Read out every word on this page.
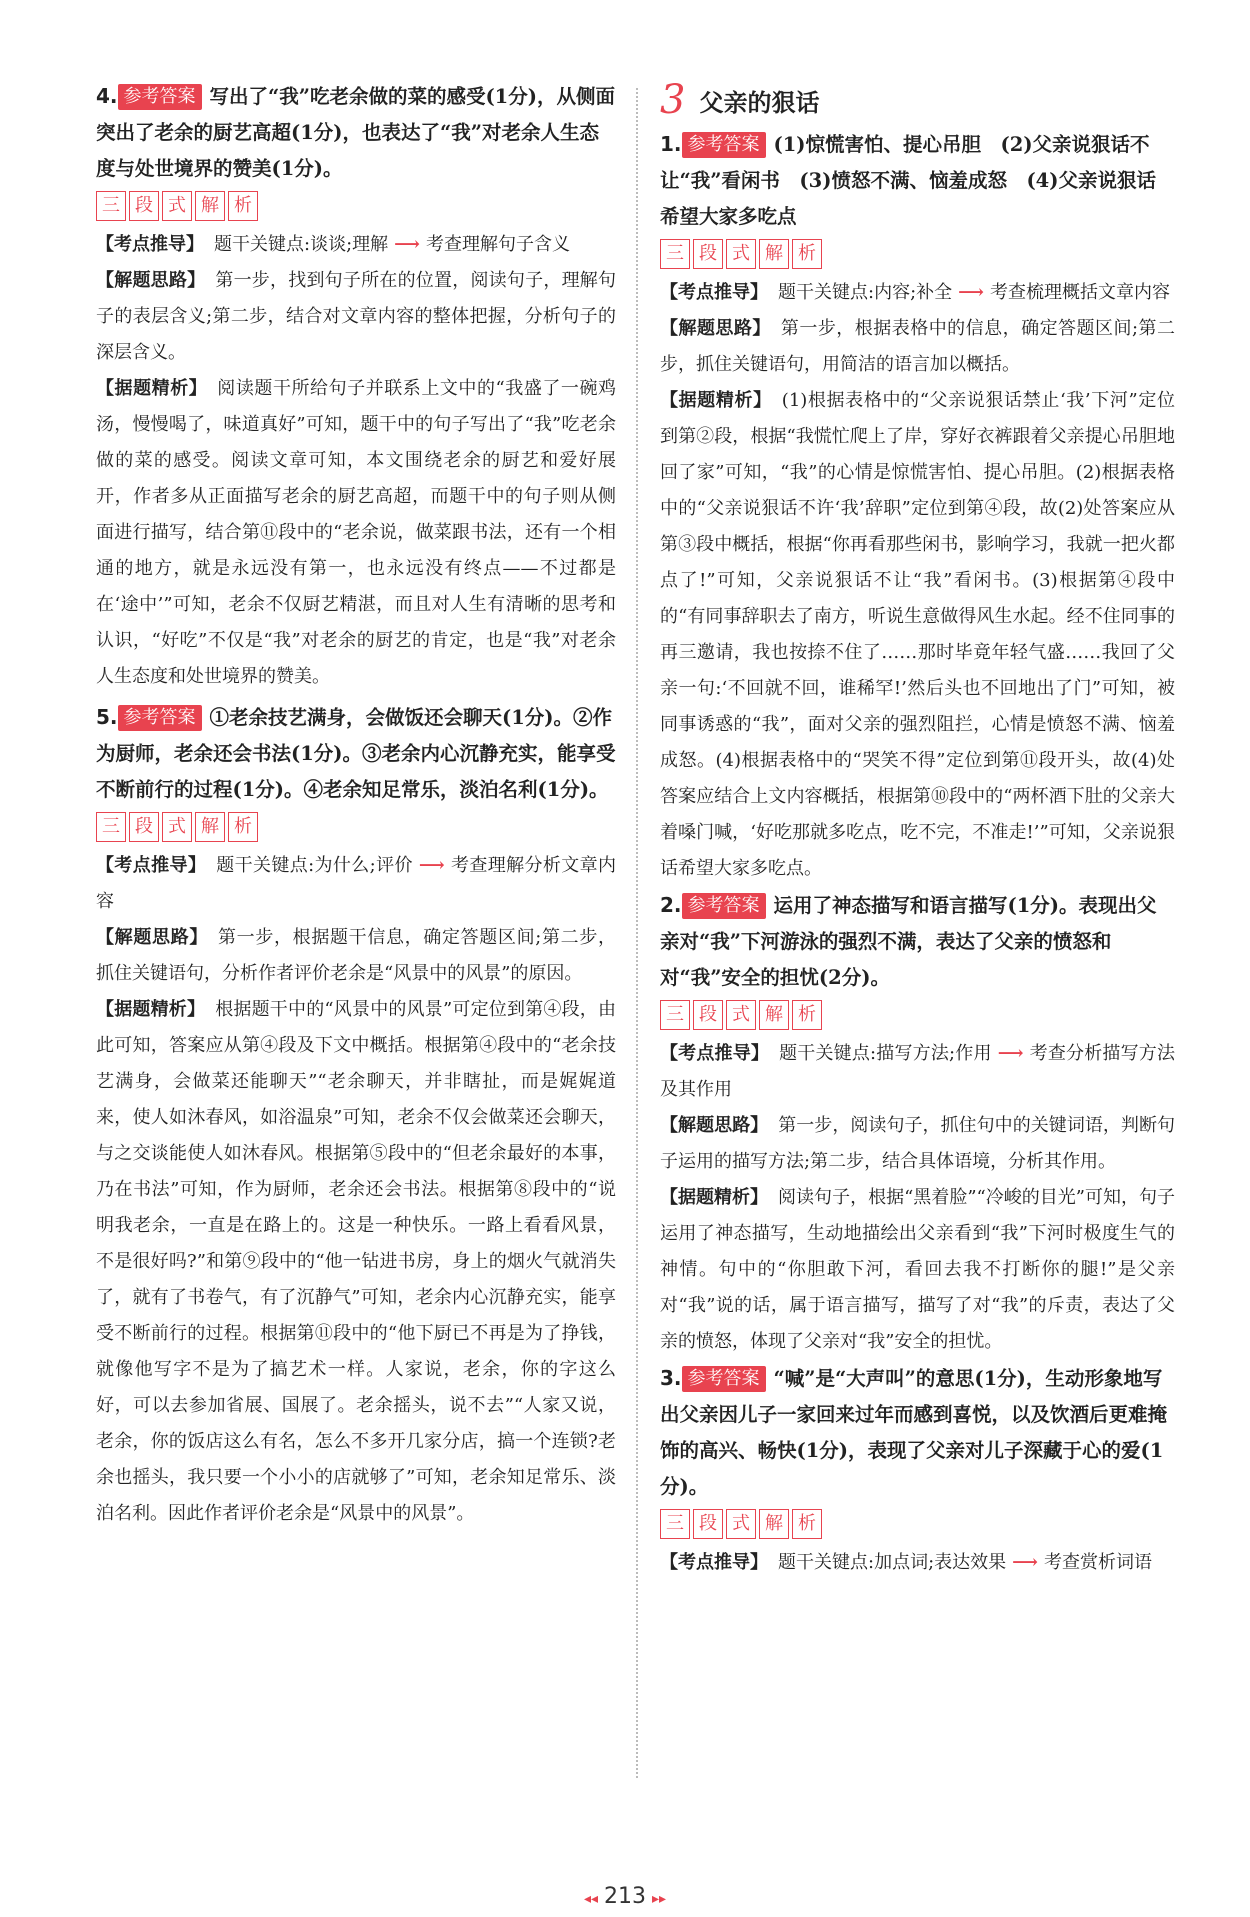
4. 参考答案 写出了“我”吃老余做的菜的感受(1分)，从侧面突出了老余的厨艺高超(1分)，也表达了“我”对老余人生态度与处世境界的赞美(1分)。

三 段 式 解 析

【考点推导】 题干关键点:谈谈;理解 ⟶ 考查理解句子含义

【解题思路】 第一步，找到句子所在的位置，阅读句子，理解句子的表层含义;第二步，结合对文章内容的整体把握，分析句子的深层含义。

【据题精析】 阅读题干所给句子并联系上文中的“我盛了一碗鸡汤，慢慢喝了，味道真好”可知，题干中的句子写出了“我”吃老余做的菜的感受。阅读文章可知，本文围绕老余的厨艺和爱好展开，作者多从正面描写老余的厨艺高超，而题干中的句子则从侧面进行描写，结合第⑪段中的“老余说，做菜跟书法，还有一个相通的地方，就是永远没有第一，也永远没有终点——不过都是在‘途中’”可知，老余不仅厨艺精湛，而且对人生有清晰的思考和认识，“好吃”不仅是“我”对老余的厨艺的肯定，也是“我”对老余人生态度和处世境界的赞美。

5. 参考答案 ①老余技艺满身，会做饭还会聊天(1分)。②作为厨师，老余还会书法(1分)。③老余内心沉静充实，能享受不断前行的过程(1分)。④老余知足常乐，淡泊名利(1分)。

三 段 式 解 析

【考点推导】 题干关键点:为什么;评价 ⟶ 考查理解分析文章内容

【解题思路】 第一步，根据题干信息，确定答题区间;第二步，抓住关键语句，分析作者评价老余是“风景中的风景”的原因。

【据题精析】 根据题干中的“风景中的风景”可定位到第④段，由此可知，答案应从第④段及下文中概括。根据第④段中的“老余技艺满身，会做菜还能聊天”“老余聊天，并非瞎扯，而是娓娓道来，使人如沐春风，如浴温泉”可知，老余不仅会做菜还会聊天，与之交谈能使人如沐春风。根据第⑤段中的“但老余最好的本事，乃在书法”可知，作为厨师，老余还会书法。根据第⑧段中的“说明我老余，一直是在路上的。这是一种快乐。一路上看看风景，不是很好吗?”和第⑨段中的“他一钻进书房，身上的烟火气就消失了，就有了书卷气，有了沉静气”可知，老余内心沉静充实，能享受不断前行的过程。根据第⑪段中的“他下厨已不再是为了挣钱，就像他写字不是为了搞艺术一样。人家说，老余，你的字这么好，可以去参加省展、国展了。老余摇头，说不去”“人家又说，老余，你的饭店这么有名，怎么不多开几家分店，搞一个连锁?老余也摇头，我只要一个小小的店就够了”可知，老余知足常乐、淡泊名利。因此作者评价老余是“风景中的风景”。

3 父亲的狠话

1. 参考答案 (1)惊慌害怕、提心吊胆　(2)父亲说狠话不让“我”看闲书　(3)愤怒不满、恼羞成怒　(4)父亲说狠话希望大家多吃点

三 段 式 解 析

【考点推导】 题干关键点:内容;补全 ⟶ 考查梳理概括文章内容

【解题思路】 第一步，根据表格中的信息，确定答题区间;第二步，抓住关键语句，用简洁的语言加以概括。

【据题精析】 (1)根据表格中的“父亲说狠话禁止‘我’下河”定位到第②段，根据“我慌忙爬上了岸，穿好衣裤跟着父亲提心吊胆地回了家”可知，“我”的心情是惊慌害怕、提心吊胆。(2)根据表格中的“父亲说狠话不许‘我’辞职”定位到第④段，故(2)处答案应从第③段中概括，根据“你再看那些闲书，影响学习，我就一把火都点了!”可知，父亲说狠话不让“我”看闲书。(3)根据第④段中的“有同事辞职去了南方，听说生意做得风生水起。经不住同事的再三邀请，我也按捺不住了……那时毕竟年轻气盛……我回了父亲一句:‘不回就不回，谁稀罕!’然后头也不回地出了门”可知，被同事诱惑的“我”，面对父亲的强烈阻拦，心情是愤怒不满、恼羞成怒。(4)根据表格中的“哭笑不得”定位到第⑪段开头，故(4)处答案应结合上文内容概括，根据第⑩段中的“两杯酒下肚的父亲大着嗓门喊，‘好吃那就多吃点，吃不完，不准走!’”可知，父亲说狠话希望大家多吃点。

2. 参考答案 运用了神态描写和语言描写(1分)。表现出父亲对“我”下河游泳的强烈不满，表达了父亲的愤怒和对“我”安全的担忧(2分)。

三 段 式 解 析

【考点推导】 题干关键点:描写方法;作用 ⟶ 考查分析描写方法及其作用

【解题思路】 第一步，阅读句子，抓住句中的关键词语，判断句子运用的描写方法;第二步，结合具体语境，分析其作用。

【据题精析】 阅读句子，根据“黑着脸”“冷峻的目光”可知，句子运用了神态描写，生动地描绘出父亲看到“我”下河时极度生气的神情。句中的“你胆敢下河，看回去我不打断你的腿!”是父亲对“我”说的话，属于语言描写，描写了对“我”的斥责，表达了父亲的愤怒，体现了父亲对“我”安全的担忧。

3. 参考答案 “喊”是“大声叫”的意思(1分)，生动形象地写出父亲因儿子一家回来过年而感到喜悦，以及饮酒后更难掩饰的高兴、畅快(1分)，表现了父亲对儿子深藏于心的爱(1分)。

三 段 式 解 析

【考点推导】 题干关键点:加点词;表达效果 ⟶ 考查赏析词语

◂◂ 213 ▸▸
